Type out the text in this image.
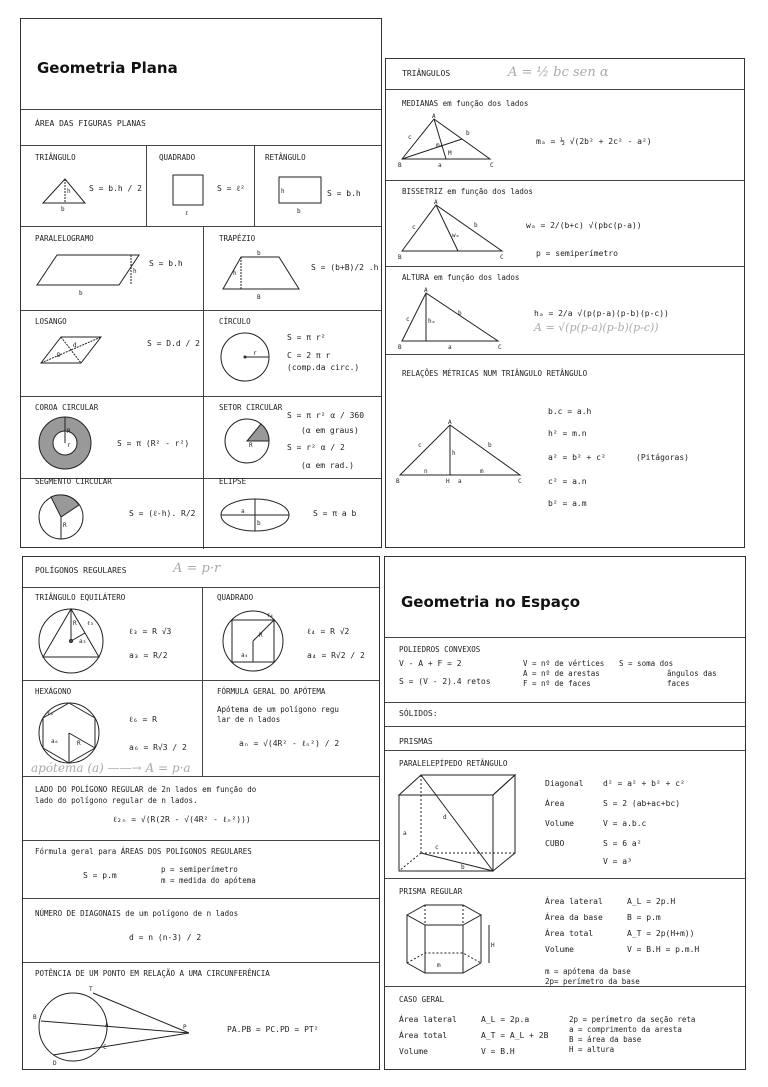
Geometria Plana
ÁREA DAS FIGURAS PLANAS
TRIÂNGULO
h
b
S = b.h / 2
QUADRADO
ℓ
S = ℓ²
RETÂNGULO
h
b
S = b.h
PARALELOGRAMO
h
b
S = b.h
TRAPÉZIO
h
b
B
S = (b+B)/2 .h
LOSANGO
D
d	S = D.d / 2
CÍRCULO
r
S = π r²
C = 2 π r
(comp.da circ.)
COROA CIRCULAR
R
r	S = π (R² - r²)
SETOR CIRCULAR
R
S = π r² α / 360
(α em graus)
S = r² α / 2
(α em rad.)
SEGMENTO CIRCULAR
R
S = (ℓ-h). R/2
ELIPSE
a
b
S = π a b
TRIÂNGULOS	A = ½ bc sen α
MEDIANAS em função dos lados
B
A
C
c
b
mₐ
M
a
mₐ = ½ √(2b² + 2c² - a²)
BISSETRIZ em função dos lados
B
A
C
c	b
wₐ
wₐ = 2/(b+c) √(pbc(p-a))
p = semiperímetro
ALTURA em função dos lados
B
A
C
c
b
hₐ
a
hₐ = 2/a √(p(p-a)(p-b)(p-c))
A = √(p(p-a)(p-b)(p-c))
RELAÇÕES MÉTRICAS NUM TRIÂNGULO RETÂNGULO
B
A
C
c	b
h
n	m
a
H
b.c = a.h
h² = m.n
a² = b² + c²	(Pitágoras)
c² = a.n
b² = a.m
POLÍGONOS REGULARES	A = p·r
TRIÂNGULO EQUILÁTERO
R
a₃
ℓ₃
ℓ₃ = R √3
a₃ = R/2
QUADRADO
R
a₄
ℓ₄
ℓ₄ = R √2
a₄ = R√2 / 2
HEXÁGONO
ℓ₆
a₆	R
ℓ₆ = R
a₆ = R√3 / 2
FÓRMULA GERAL DO APÓTEMA
Apótema de um polígono regu
lar de n lados
aₙ = √(4R² - ℓₙ²) / 2
apótema (a) ——→ A = p·a
LADO DO POLÍGONO REGULAR de 2n lados em função do
lado do polígono regular de n lados.
ℓ₂ₙ = √(R(2R - √(4R² - ℓₙ²)))
Fórmula geral para ÁREAS DOS POLÍGONOS REGULARES
S = p.m
p = semiperímetro
m = medida do apótema
NÚMERO DE DIAGONAIS de um polígono de n lados
d = n (n-3) / 2
POTÊNCIA DE UM PONTO EM RELAÇÃO A UMA CIRCUNFERÊNCIA
B
A
T
D
C
P	PA.PB = PC.PD = PT²
Geometria no Espaço
POLIEDROS CONVEXOS
V - A + F = 2
S = (V - 2).4 retos
V = nº de vértices
A = nº de arestas
F = nº de faces
S = soma dos
ângulos das
faces
SÓLIDOS:
PRISMAS
PARALELEPÍPEDO RETÂNGULO
d
a
c
b
Diagonal d² = a² + b² + c²
Área	S = 2 (ab+ac+bc)
Volume	V = a.b.c
CUBO	S = 6 a²
V = a³
PRISMA REGULAR
H
m
Área lateral	A_L = 2p.H
Área da base	B = p.m
Área total	A_T = 2p(H+m))
Volume	V = B.H = p.m.H
m = apótema da base
2p= perímetro da base
CASO GERAL
Área lateral	A_L = 2p.a
Área total	A_T = A_L + 2B
Volume	V = B.H
2p = perímetro da seção reta
a = comprimento da aresta
B = área da base
H = altura
